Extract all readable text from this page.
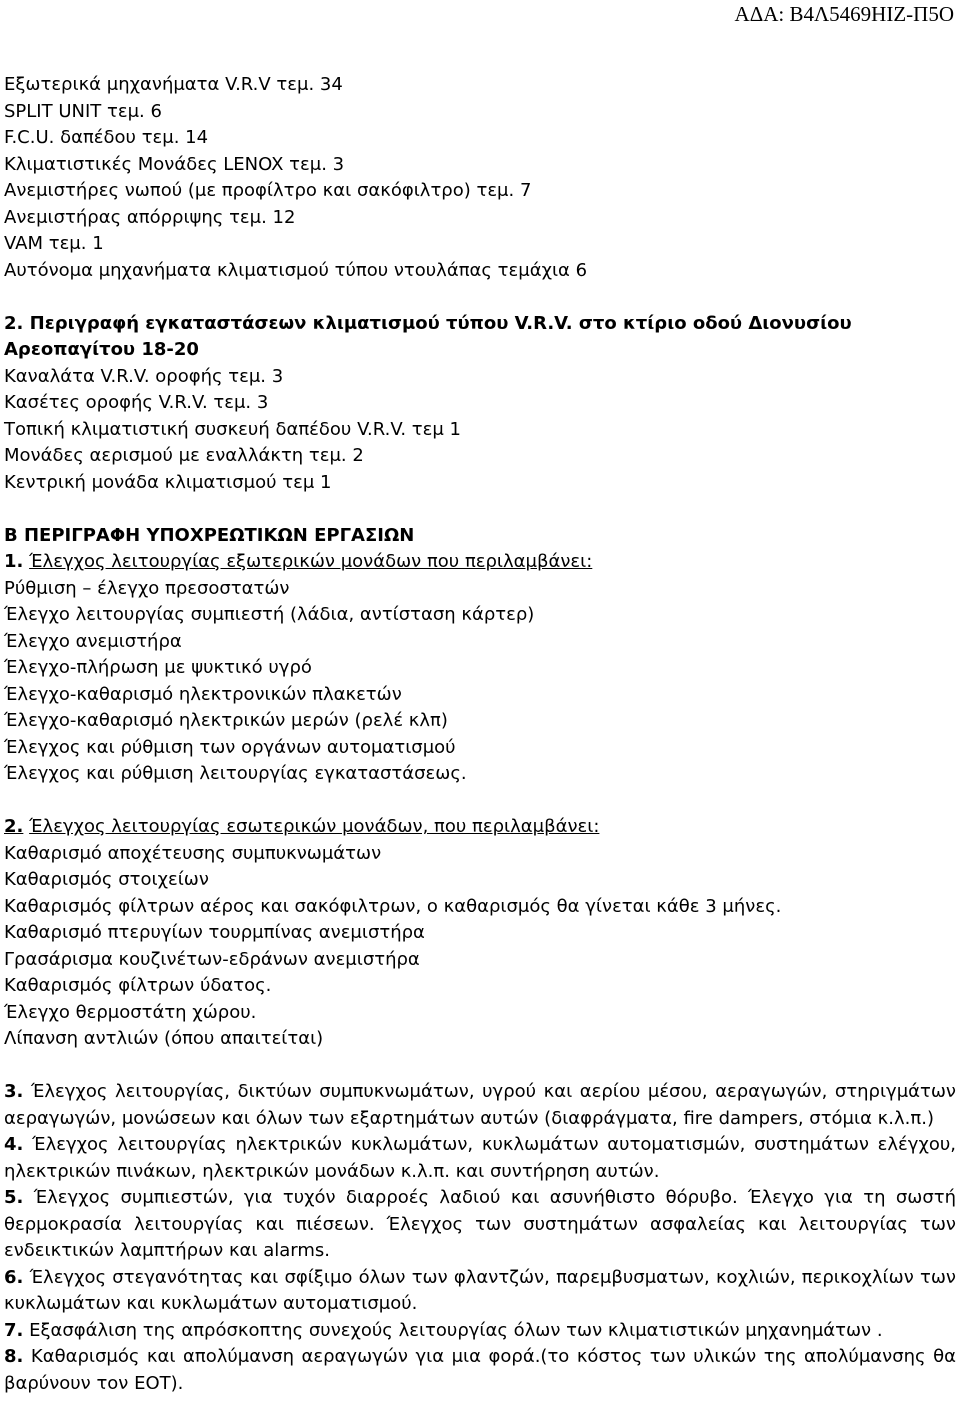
ΑΔΑ: Β4Λ5469ΗΙΖ-Π5Ο
Εξωτερικά μηχανήματα V.R.V τεμ. 34
SPLIT UNIT τεμ. 6
F.C.U. δαπέδου τεμ. 14
Κλιματιστικές Μονάδες LENOX τεμ. 3
Ανεμιστήρες νωπού (με προφίλτρο και σακόφιλτρο) τεμ. 7
Ανεμιστήρας απόρριψης τεμ. 12
VAM τεμ. 1
Αυτόνομα μηχανήματα κλιματισμού τύπου ντουλάπας τεμάχια 6
2. Περιγραφή εγκαταστάσεων κλιματισμού τύπου V.R.V. στο κτίριο οδού Διονυσίου
Αρεοπαγίτου 18-20
Καναλάτα V.R.V. οροφής τεμ. 3
Κασέτες οροφής V.R.V. τεμ. 3
Τοπική κλιματιστική συσκευή δαπέδου V.R.V. τεμ 1
Μονάδες αερισμού με εναλλάκτη τεμ. 2
Κεντρική μονάδα κλιματισμού τεμ 1
Β ΠΕΡΙΓΡΑΦΗ ΥΠΟΧΡΕΩΤΙΚΩΝ ΕΡΓΑΣΙΩΝ
1. Έλεγχος λειτουργίας εξωτερικών μονάδων που περιλαμβάνει:
Ρύθμιση – έλεγχο πρεσοστατών
Έλεγχο λειτουργίας συμπιεστή (λάδια, αντίσταση κάρτερ)
Έλεγχο ανεμιστήρα
Έλεγχο-πλήρωση με ψυκτικό υγρό
Έλεγχο-καθαρισμό ηλεκτρονικών πλακετών
Έλεγχο-καθαρισμό ηλεκτρικών μερών (ρελέ κλπ)
Έλεγχος και ρύθμιση των οργάνων αυτοματισμού
Έλεγχος και ρύθμιση λειτουργίας εγκαταστάσεως.
2. Έλεγχος λειτουργίας εσωτερικών μονάδων, που περιλαμβάνει:
Καθαρισμό αποχέτευσης συμπυκνωμάτων
Καθαρισμός στοιχείων
Καθαρισμός φίλτρων αέρος και σακόφιλτρων, ο καθαρισμός θα γίνεται κάθε 3 μήνες.
Καθαρισμό πτερυγίων τουρμπίνας ανεμιστήρα
Γρασάρισμα κουζινέτων-εδράνων ανεμιστήρα
Καθαρισμός φίλτρων ύδατος.
Έλεγχο θερμοστάτη χώρου.
Λίπανση αντλιών (όπου απαιτείται)
3. Έλεγχος λειτουργίας, δικτύων συμπυκνωμάτων, υγρού και αερίου μέσου, αεραγωγών, στηριγμάτων αεραγωγών, μονώσεων και όλων των εξαρτημάτων αυτών (διαφράγματα, fire dampers, στόμια κ.λ.π.)
4. Έλεγχος λειτουργίας ηλεκτρικών κυκλωμάτων, κυκλωμάτων αυτοματισμών, συστημάτων ελέγχου, ηλεκτρικών πινάκων, ηλεκτρικών μονάδων κ.λ.π. και συντήρηση αυτών.
5. Έλεγχος συμπιεστών, για τυχόν διαρροές λαδιού και ασυνήθιστο θόρυβο. Έλεγχο για τη σωστή θερμοκρασία λειτουργίας και πιέσεων. Έλεγχος των συστημάτων ασφαλείας και λειτουργίας των ενδεικτικών λαμπτήρων και alarms.
6. Έλεγχος στεγανότητας και σφίξιμο όλων των φλαντζών, παρεμβυσματων, κοχλιών, περικοχλίων των κυκλωμάτων και κυκλωμάτων αυτοματισμού.
7. Εξασφάλιση της απρόσκοπτης συνεχούς λειτουργίας όλων των κλιματιστικών μηχανημάτων .
8. Καθαρισμός και απολύμανση αεραγωγών για μια φορά.(το κόστος των υλικών της απολύμανσης θα βαρύνουν τον ΕΟΤ).
